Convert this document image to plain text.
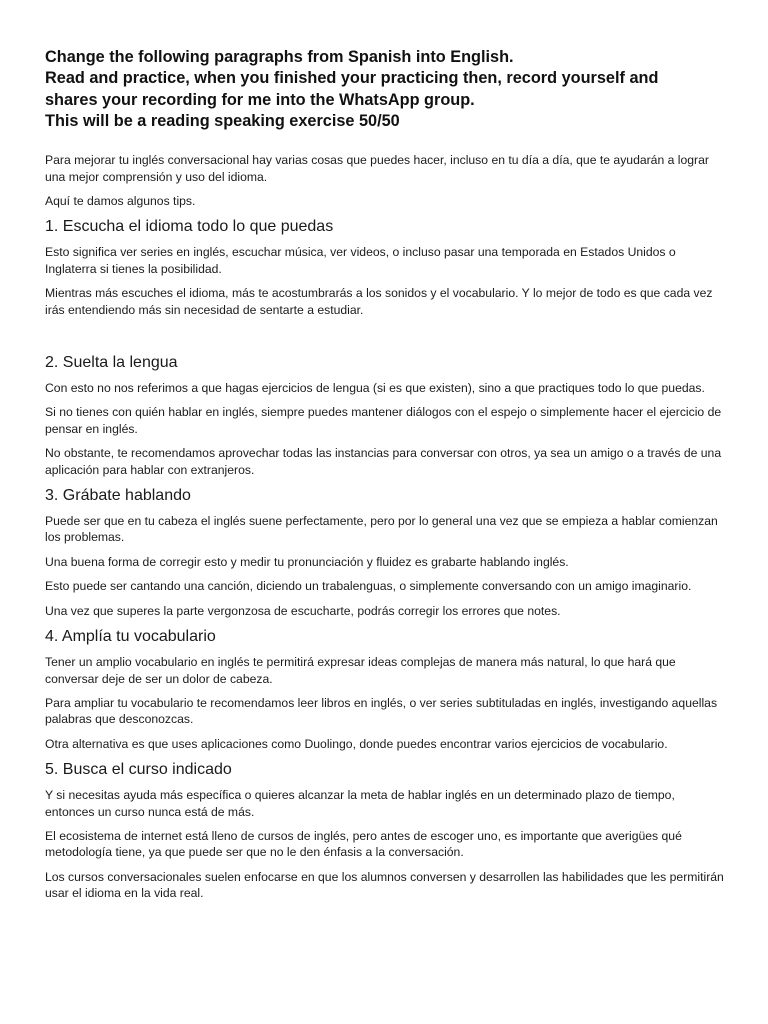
Change the following paragraphs from Spanish into English.
Read and practice, when you finished your practicing then, record yourself and
shares your recording for me into the WhatsApp group.
This will be a reading speaking exercise 50/50

Para mejorar tu inglés conversacional hay varias cosas que puedes hacer, incluso en tu día a día, que te ayudarán a lograr una mejor comprensión y uso del idioma.

Aquí te damos algunos tips.

1. Escucha el idioma todo lo que puedas

Esto significa ver series en inglés, escuchar música, ver videos, o incluso pasar una temporada en Estados Unidos o Inglaterra si tienes la posibilidad.

Mientras más escuches el idioma, más te acostumbrarás a los sonidos y el vocabulario. Y lo mejor de todo es que cada vez irás entendiendo más sin necesidad de sentarte a estudiar.

2. Suelta la lengua

Con esto no nos referimos a que hagas ejercicios de lengua (si es que existen), sino a que practiques todo lo que puedas.

Si no tienes con quién hablar en inglés, siempre puedes mantener diálogos con el espejo o simplemente hacer el ejercicio de pensar en inglés.

No obstante, te recomendamos aprovechar todas las instancias para conversar con otros, ya sea un amigo o a través de una aplicación para hablar con extranjeros.

3. Grábate hablando

Puede ser que en tu cabeza el inglés suene perfectamente, pero por lo general una vez que se empieza a hablar comienzan los problemas.

Una buena forma de corregir esto y medir tu pronunciación y fluidez es grabarte hablando inglés.

Esto puede ser cantando una canción, diciendo un trabalenguas, o simplemente conversando con un amigo imaginario.

Una vez que superes la parte vergonzosa de escucharte, podrás corregir los errores que notes.

4. Amplía tu vocabulario

Tener un amplio vocabulario en inglés te permitirá expresar ideas complejas de manera más natural, lo que hará que conversar deje de ser un dolor de cabeza.

Para ampliar tu vocabulario te recomendamos leer libros en inglés, o ver series subtituladas en inglés, investigando aquellas palabras que desconozcas.

Otra alternativa es que uses aplicaciones como Duolingo, donde puedes encontrar varios ejercicios de vocabulario.

5. Busca el curso indicado

Y si necesitas ayuda más específica o quieres alcanzar la meta de hablar inglés en un determinado plazo de tiempo, entonces un curso nunca está de más.

El ecosistema de internet está lleno de cursos de inglés, pero antes de escoger uno, es importante que averigües qué metodología tiene, ya que puede ser que no le den énfasis a la conversación.

Los cursos conversacionales suelen enfocarse en que los alumnos conversen y desarrollen las habilidades que les permitirán usar el idioma en la vida real.
